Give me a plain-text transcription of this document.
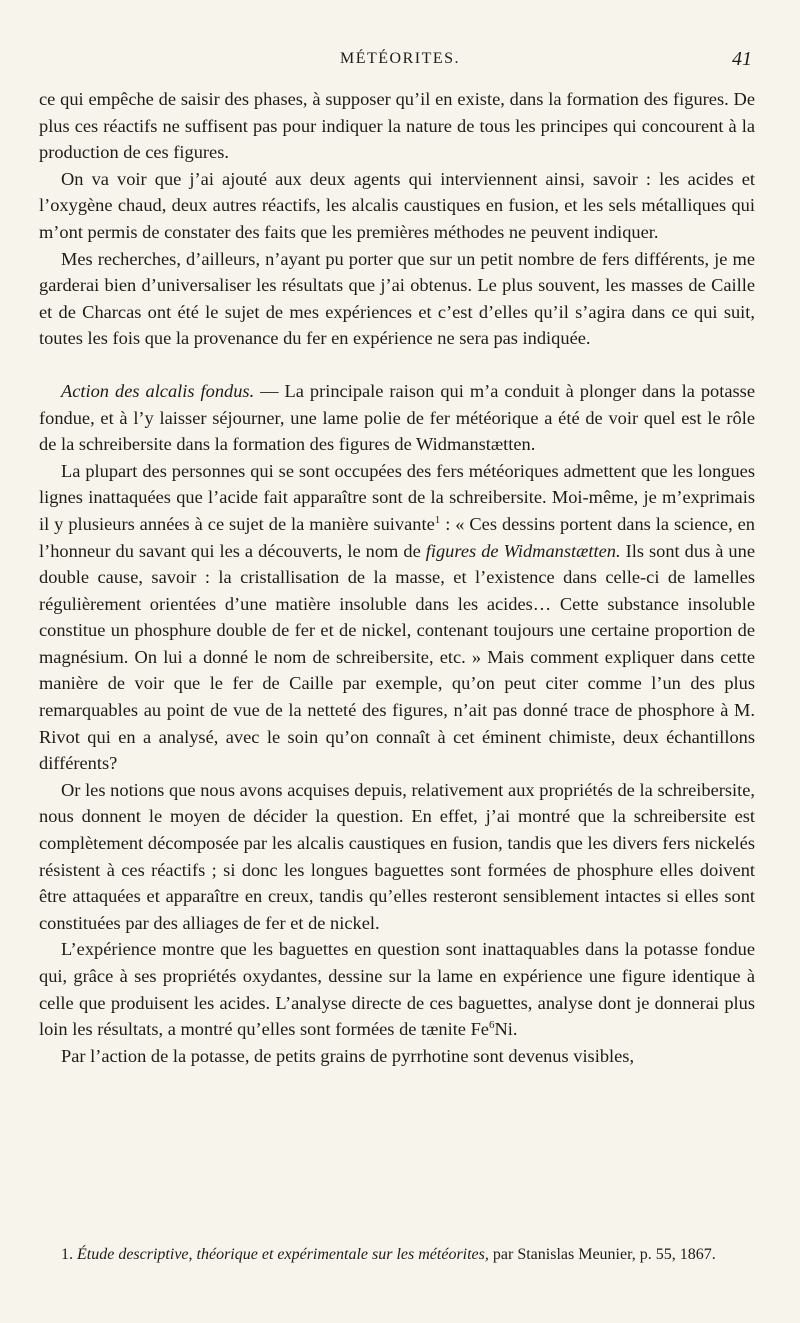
MÉTÉORITES.	41

ce qui empêche de saisir des phases, à supposer qu’il en existe, dans la formation des figures. De plus ces réactifs ne suffisent pas pour indiquer la nature de tous les principes qui concourent à la production de ces figures.

On va voir que j’ai ajouté aux deux agents qui interviennent ainsi, savoir : les acides et l’oxygène chaud, deux autres réactifs, les alcalis caustiques en fusion, et les sels métalliques qui m’ont permis de constater des faits que les premières méthodes ne peuvent indiquer.

Mes recherches, d’ailleurs, n’ayant pu porter que sur un petit nombre de fers différents, je me garderai bien d’universaliser les résultats que j’ai obtenus. Le plus souvent, les masses de Caille et de Charcas ont été le sujet de mes expériences et c’est d’elles qu’il s’agira dans ce qui suit, toutes les fois que la provenance du fer en expérience ne sera pas indiquée.

Action des alcalis fondus. — La principale raison qui m’a conduit à plonger dans la potasse fondue, et à l’y laisser séjourner, une lame polie de fer météorique a été de voir quel est le rôle de la schreibersite dans la formation des figures de Widmanstætten.

La plupart des personnes qui se sont occupées des fers météoriques admettent que les longues lignes inattaquées que l’acide fait apparaître sont de la schreibersite. Moi-même, je m’exprimais il y plusieurs années à ce sujet de la manière suivante$^1$ : « Ces dessins portent dans la science, en l’honneur du savant qui les a découverts, le nom de figures de Widmanstætten. Ils sont dus à une double cause, savoir : la cristallisation de la masse, et l’existence dans celle-ci de lamelles régulièrement orientées d’une matière insoluble dans les acides… Cette substance insoluble constitue un phosphure double de fer et de nickel, contenant toujours une certaine proportion de magnésium. On lui a donné le nom de schreibersite, etc. » Mais comment expliquer dans cette manière de voir que le fer de Caille par exemple, qu’on peut citer comme l’un des plus remarquables au point de vue de la netteté des figures, n’ait pas donné trace de phosphore à M. Rivot qui en a analysé, avec le soin qu’on connaît à cet éminent chimiste, deux échantillons différents?

Or les notions que nous avons acquises depuis, relativement aux propriétés de la schreibersite, nous donnent le moyen de décider la question. En effet, j’ai montré que la schreibersite est complètement décomposée par les alcalis caustiques en fusion, tandis que les divers fers nickelés résistent à ces réactifs ; si donc les longues baguettes sont formées de phosphure elles doivent être attaquées et apparaître en creux, tandis qu’elles resteront sensiblement intactes si elles sont constituées par des alliages de fer et de nickel.

L’expérience montre que les baguettes en question sont inattaquables dans la potasse fondue qui, grâce à ses propriétés oxydantes, dessine sur la lame en expérience une figure identique à celle que produisent les acides. L’analyse directe de ces baguettes, analyse dont je donnerai plus loin les résultats, a montré qu’elles sont formées de tænite Fe$^6$Ni.

Par l’action de la potasse, de petits grains de pyrrhotine sont devenus visibles,

1. Étude descriptive, théorique et expérimentale sur les météorites, par Stanislas Meunier, p. 55, 1867.
